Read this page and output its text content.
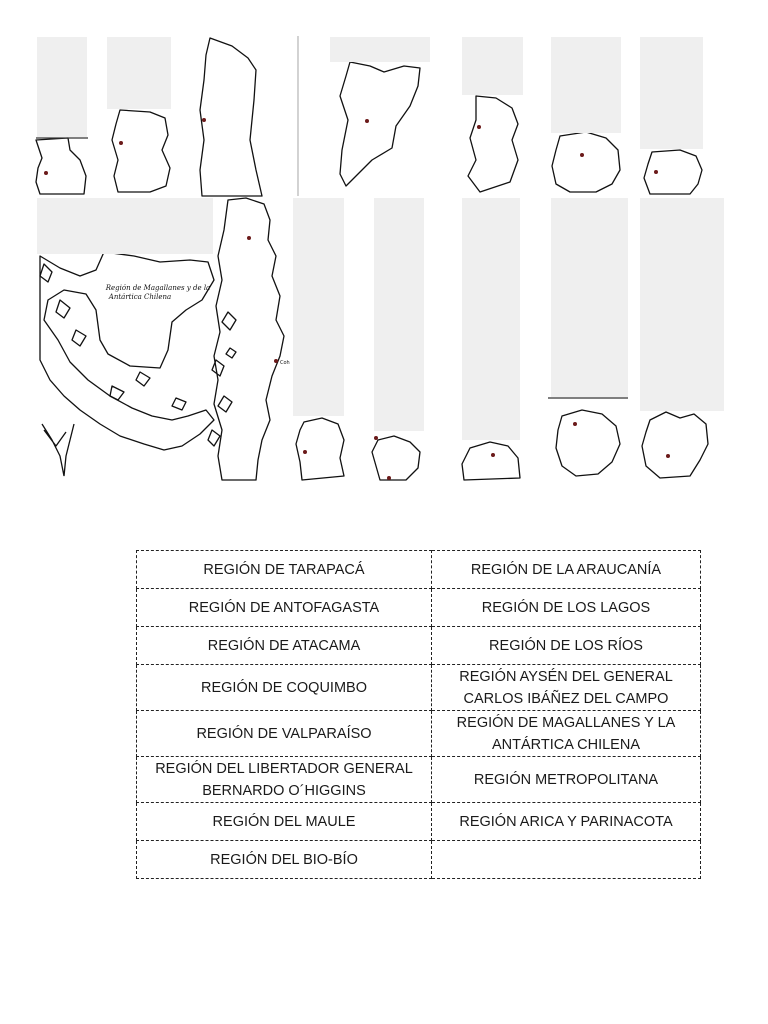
Región de Magallanes y de la
Antártica Chilena
Coh
REGIÓN DE TARAPACÁ	REGIÓN DE LA ARAUCANÍA
REGIÓN DE ANTOFAGASTA	REGIÓN DE LOS LAGOS
REGIÓN DE ATACAMA	REGIÓN DE LOS RÍOS
REGIÓN DE COQUIMBO	REGIÓN AYSÉN DEL GENERAL CARLOS IBÁÑEZ DEL CAMPO
REGIÓN DE VALPARAÍSO	REGIÓN DE MAGALLANES Y LA ANTÁRTICA CHILENA
REGIÓN DEL LIBERTADOR GENERAL BERNARDO O´HIGGINS	REGIÓN METROPOLITANA
REGIÓN DEL MAULE	REGIÓN ARICA Y PARINACOTA
REGIÓN DEL BIO-BÍO	
